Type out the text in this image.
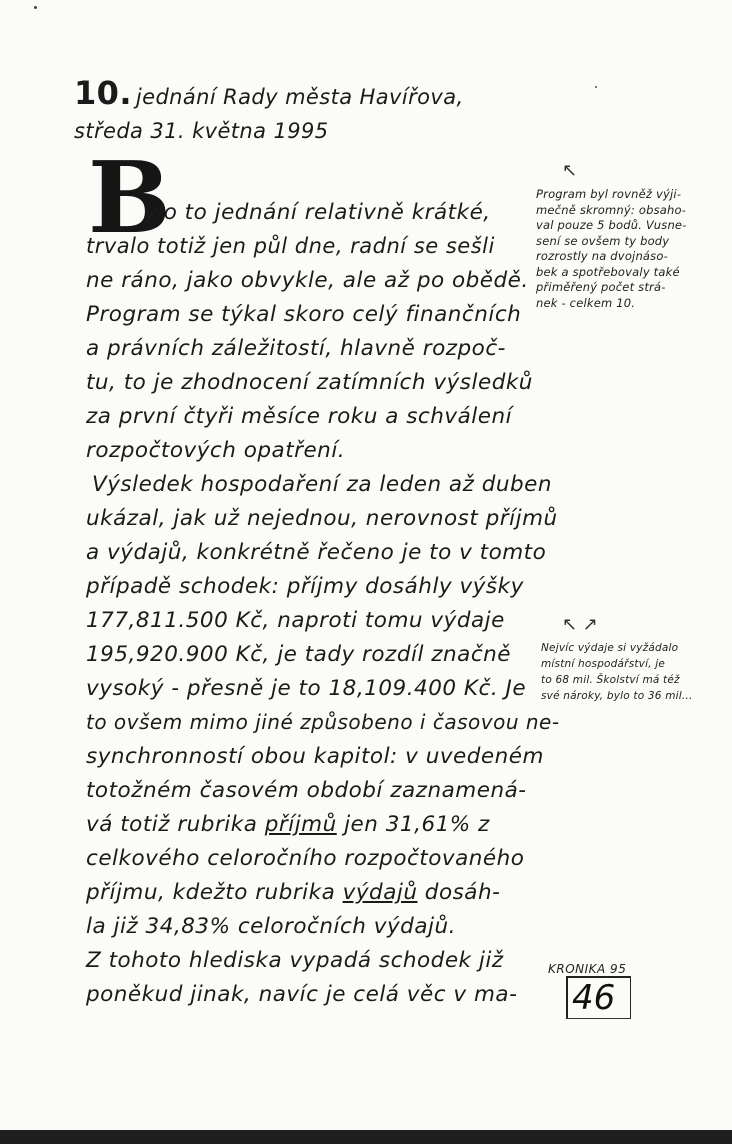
10. jednání Rady města Havířova,
středa 31. května 1995
B
ylo to jednání relativně krátké,
trvalo totiž jen půl dne, radní se sešli
ne ráno, jako obvykle, ale až po obědě.
Program se týkal skoro celý finančních
a právních záležitostí, hlavně rozpoč-
tu, to je zhodnocení zatímních výsledků
za první čtyři měsíce roku a schválení
rozpočtových opatření.
Výsledek hospodaření za leden až duben
ukázal, jak už nejednou, nerovnost příjmů
a výdajů, konkrétně řečeno je to v tomto
případě schodek: příjmy dosáhly výšky
177,811.500 Kč, naproti tomu výdaje
195,920.900 Kč, je tady rozdíl značně
vysoký - přesně je to 18,109.400 Kč. Je
to ovšem mimo jiné způsobeno i časovou ne-
synchronností obou kapitol: v uvedeném
totožném časovém období zaznamená-
vá totiž rubrika příjmů jen 31,61% z
celkového celoročního rozpočtovaného
příjmu, kdežto rubrika výdajů dosáh-
la již 34,83% celoročních výdajů.
Z tohoto hlediska vypadá schodek již
poněkud jinak, navíc je celá věc v ma-
↖
Program byl rovněž výji-
mečně skromný: obsaho-
val pouze 5 bodů. Vusne-
sení se ovšem ty body
rozrostly na dvojnáso-
bek a spotřebovaly také
přiměřený počet strá-
nek - celkem 10.
↖ ↗
Nejvíc výdaje si vyžádalo
místní hospodářství, je
to 68 mil. Školství má též
své nároky, bylo to 36 mil...
KRONIKA 95
46
